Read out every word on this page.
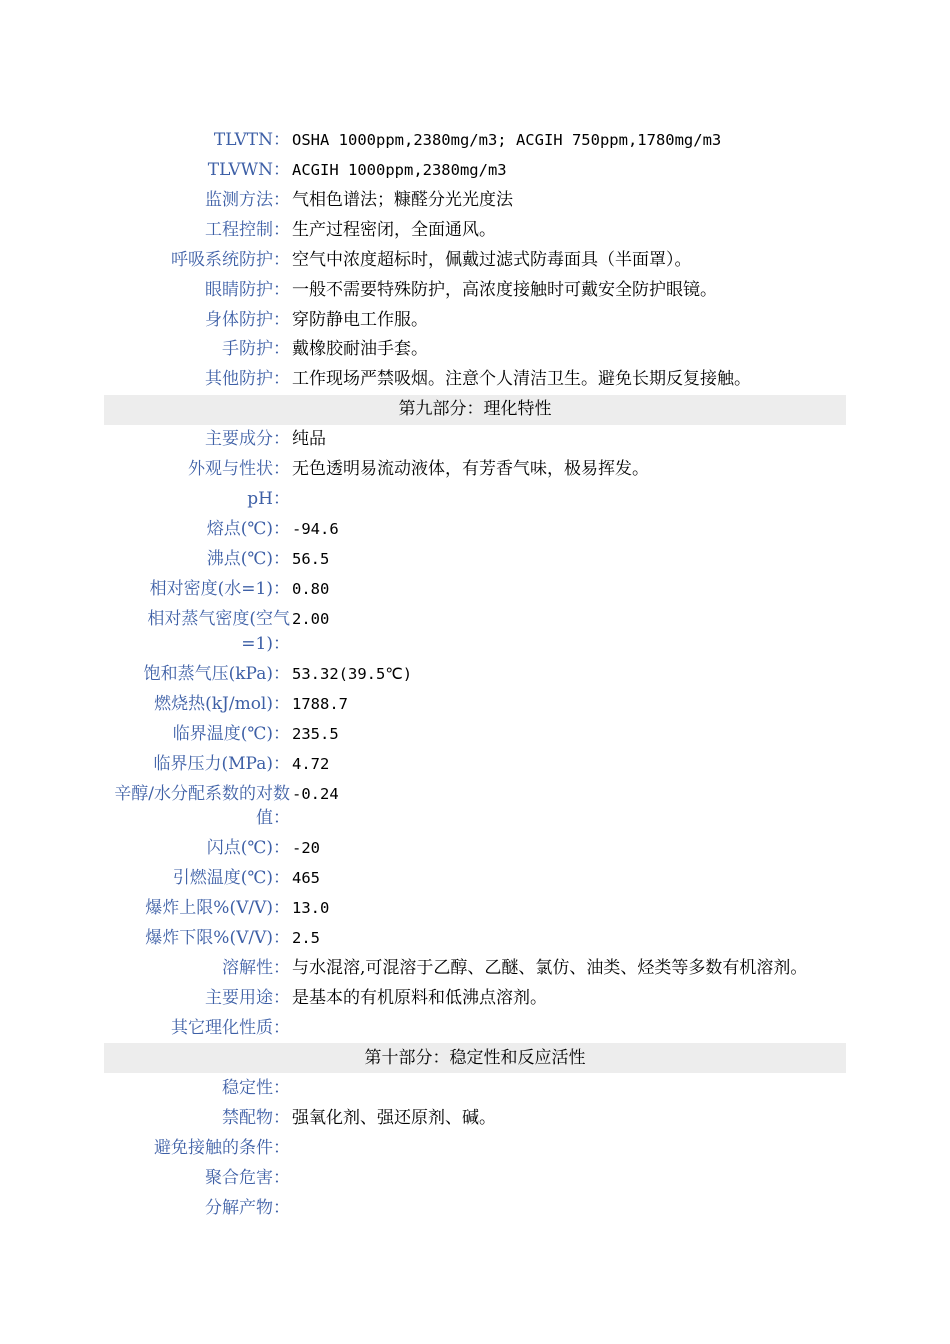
TLVTN： OSHA 1000ppm,2380mg/m3; ACGIH 750ppm,1780mg/m3
TLVWN： ACGIH 1000ppm,2380mg/m3
监测方法： 气相色谱法；糠醛分光光度法
工程控制： 生产过程密闭，全面通风。
呼吸系统防护： 空气中浓度超标时，佩戴过滤式防毒面具（半面罩）。
眼睛防护： 一般不需要特殊防护，高浓度接触时可戴安全防护眼镜。
身体防护： 穿防静电工作服。
手防护： 戴橡胶耐油手套。
其他防护： 工作现场严禁吸烟。注意个人清洁卫生。避免长期反复接触。
第九部分：理化特性
主要成分： 纯品
外观与性状： 无色透明易流动液体，有芳香气味，极易挥发。
pH：
熔点(℃)： -94.6
沸点(℃)： 56.5
相对密度(水=1)： 0.80
相对蒸气密度(空气=1)：
2.00
饱和蒸气压(kPa)： 53.32(39.5℃)
燃烧热(kJ/mol)： 1788.7
临界温度(℃)： 235.5
临界压力(MPa)： 4.72
辛醇/水分配系数的对数值：
-0.24
闪点(℃)： -20
引燃温度(℃)： 465
爆炸上限%(V/V)： 13.0
爆炸下限%(V/V)： 2.5
溶解性： 与水混溶,可混溶于乙醇、乙醚、氯仿、油类、烃类等多数有机溶剂。
主要用途： 是基本的有机原料和低沸点溶剂。
其它理化性质：
第十部分：稳定性和反应活性
稳定性：
禁配物： 强氧化剂、强还原剂、碱。
避免接触的条件：
聚合危害：
分解产物：
